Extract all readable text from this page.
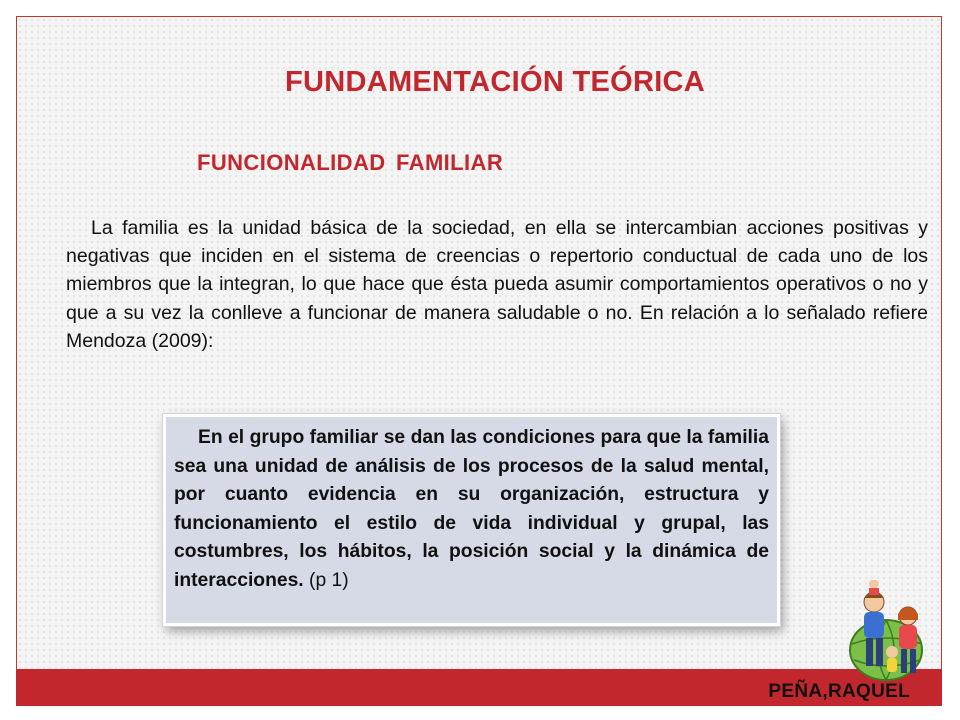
FUNDAMENTACIÓN TEÓRICA
FUNCIONALIDAD FAMILIAR

La familia es la unidad básica de la sociedad, en ella se intercambian acciones positivas y negativas que inciden en el sistema de creencias o repertorio conductual de cada uno de los miembros que la integran, lo que hace que ésta pueda asumir comportamientos operativos o no y que a su vez la conlleve a funcionar de manera saludable o no. En relación a lo señalado refiere Mendoza (2009):

En el grupo familiar se dan las condiciones para que la familia sea una unidad de análisis de los procesos de la salud mental, por cuanto evidencia en su organización, estructura y funcionamiento el estilo de vida individual y grupal, las costumbres, los hábitos, la posición social y la dinámica de interacciones. (p 1)

PEÑA,RAQUEL
